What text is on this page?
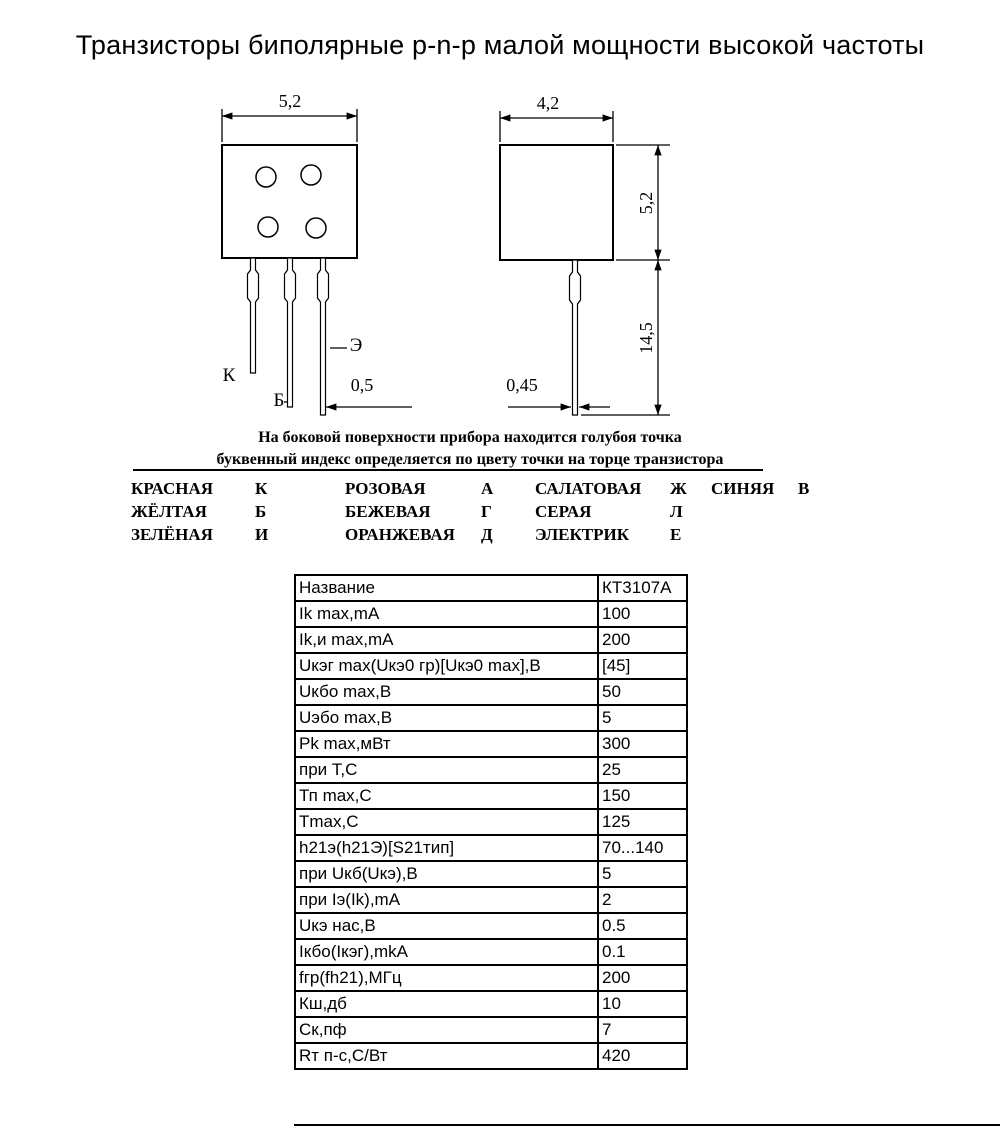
Транзисторы биполярные p-n-p малой мощности высокой частоты
5,2
К
Б
Э
0,5
4,2
5,2
14,5
0,45
На боковой поверхности прибора находится голубоя точка
буквенный индекс определяется по цвету точки на торце транзистора
КРАСНАЯ	К	РОЗОВАЯ	А	САЛАТОВАЯ	Ж	СИНЯЯ	В
ЖЁЛТАЯ	Б	БЕЖЕВАЯ	Г	СЕРАЯ	Л
ЗЕЛЁНАЯ	И	ОРАНЖЕВАЯ	Д	ЭЛЕКТРИК	Е
Название	КТ3107А
Ik max,mA	100
Ik,и max,mA	200
Uкэг max(Uкэ0 гр)[Uкэ0 max],В	[45]
Uкбо max,В	50
Uэбо max,В	5
Pk max,мВт	300
при Т,С	25
Тп max,С	150
Tmax,С	125
h21э(h21Э)[S21тип]	70...140
при Uкб(Uкэ),В	5
при Iэ(Ik),mA	2
Uкэ нас,В	0.5
Iкбо(Iкэг),mkA	0.1
fгр(fh21),МГц	200
Кш,дб	10
Ск,пф	7
Rт п-с,С/Вт	420
